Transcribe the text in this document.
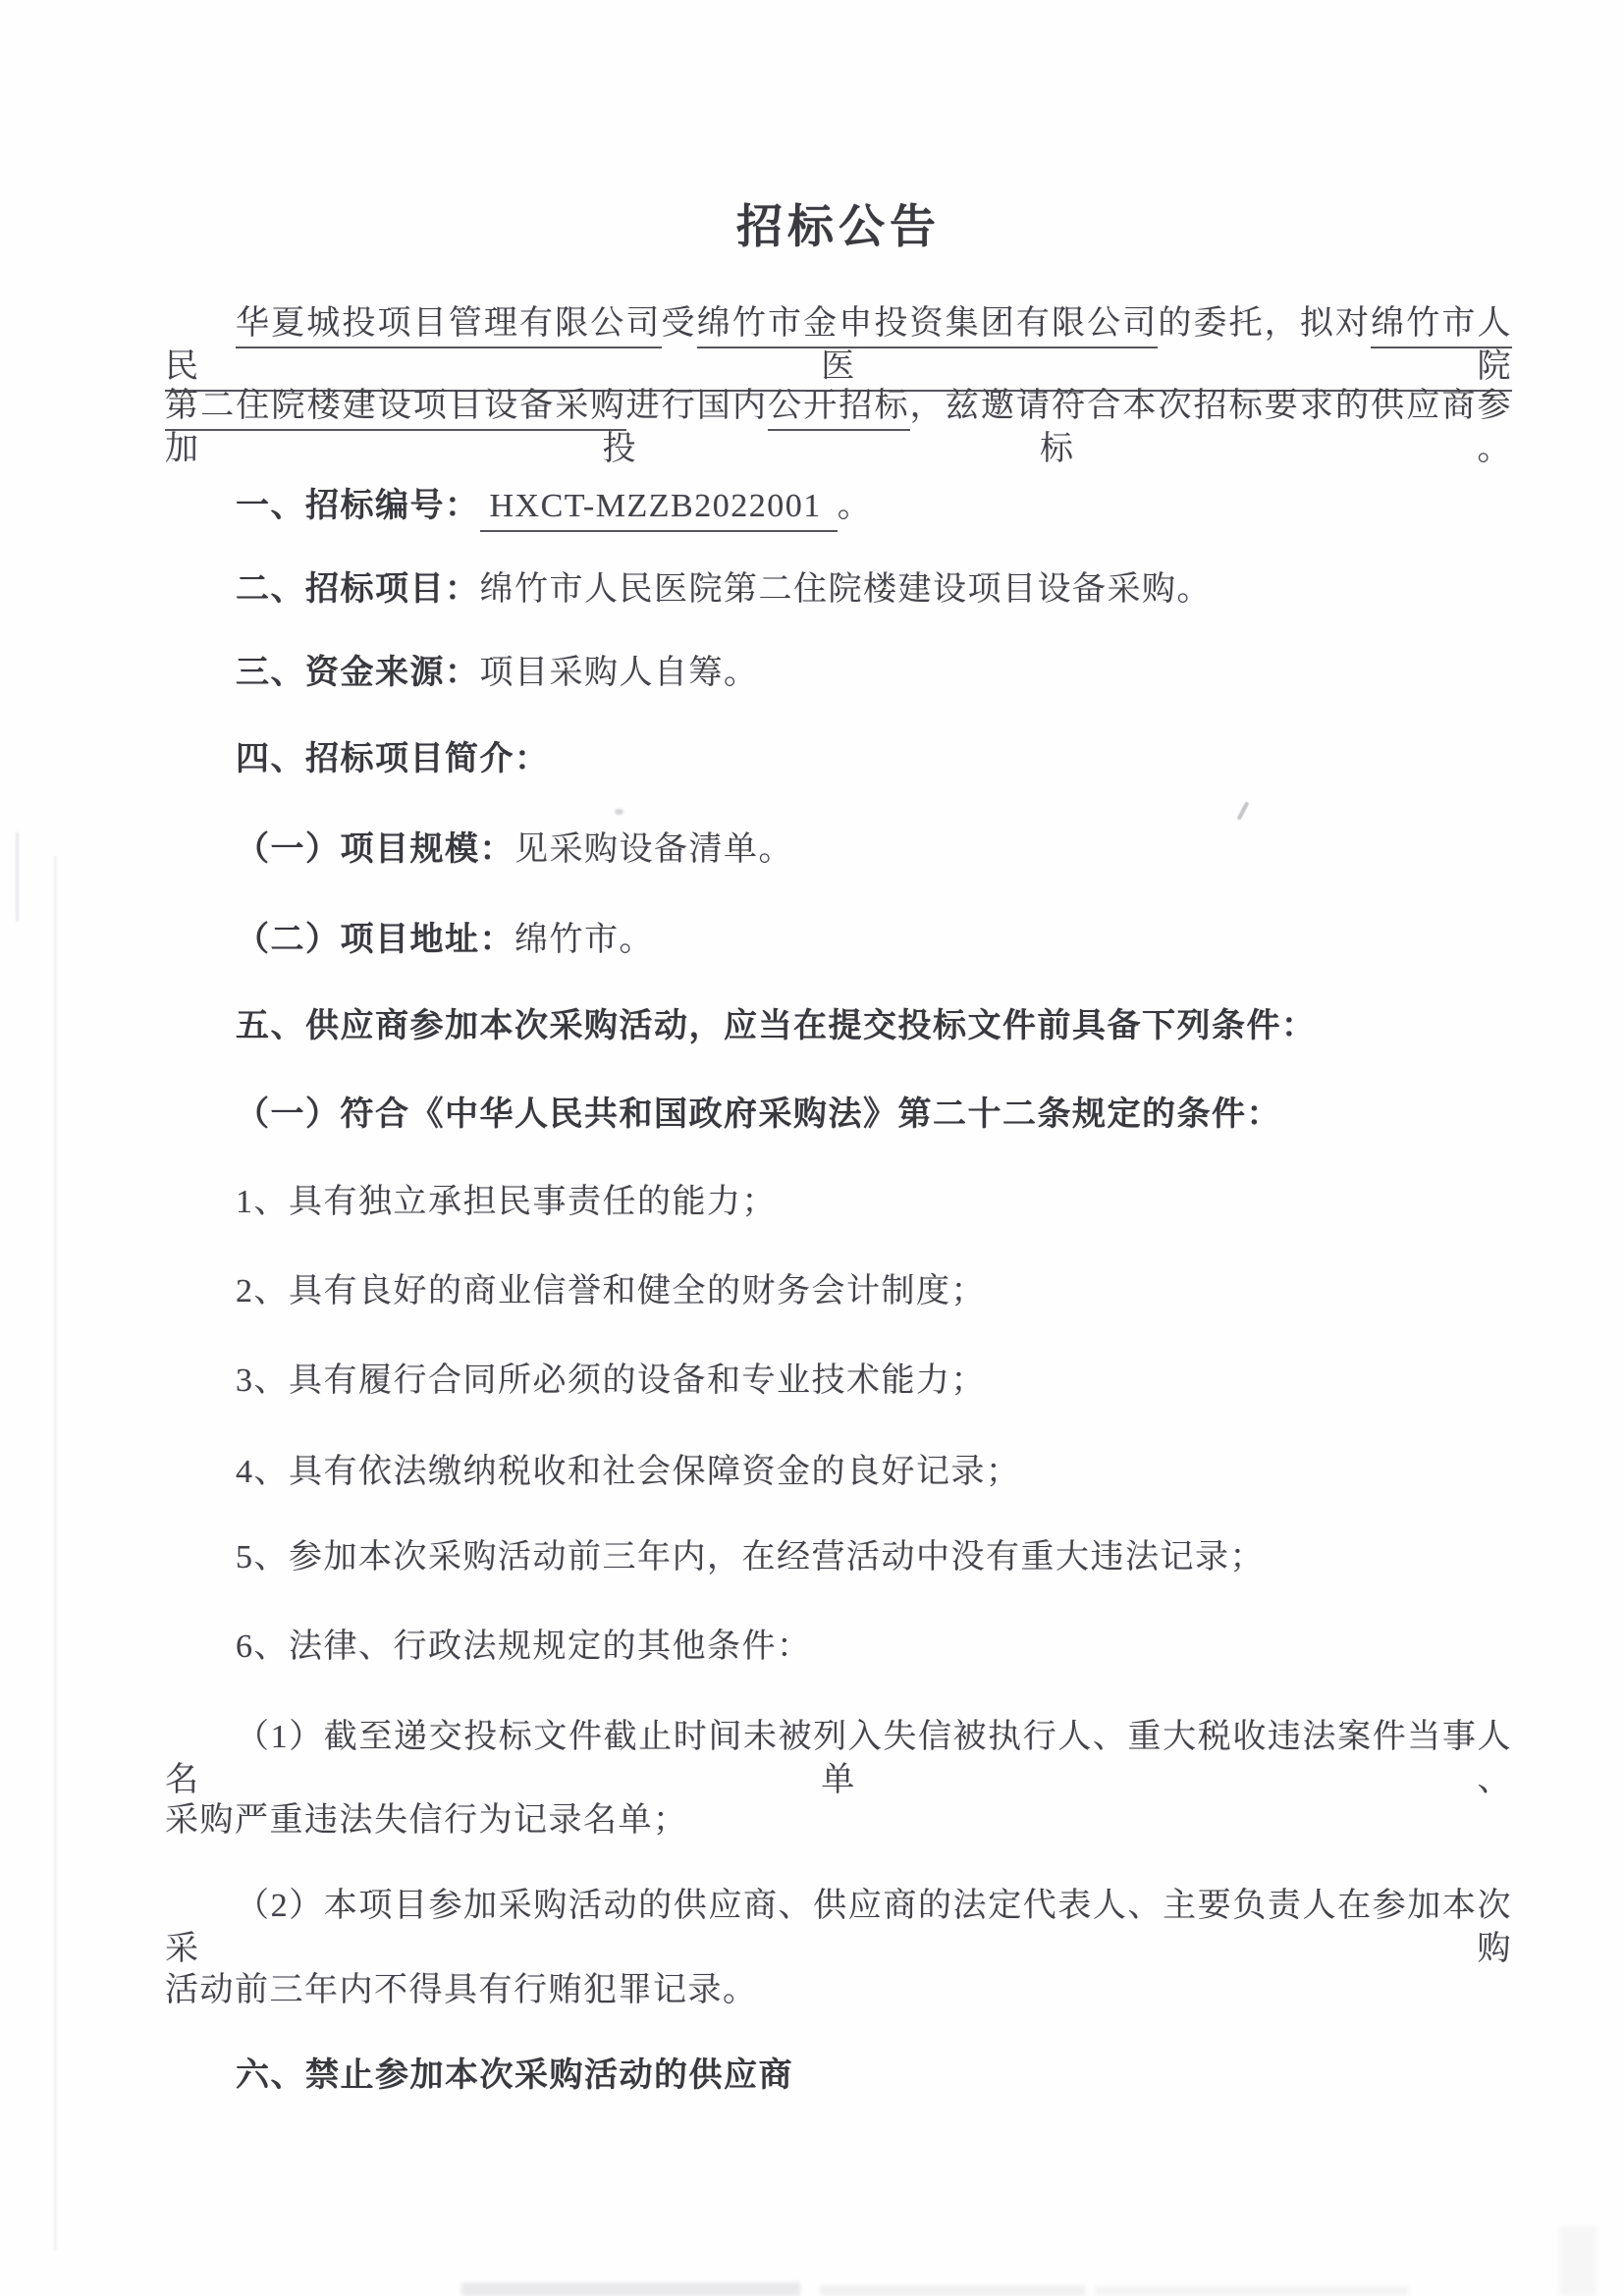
招标公告
华夏城投项目管理有限公司受绵竹市金申投资集团有限公司的委托，拟对绵竹市人民医院
第二住院楼建设项目设备采购进行国内公开招标，兹邀请符合本次招标要求的供应商参加投标。
一、招标编号： HXCT-MZZB2022001 。
二、招标项目：绵竹市人民医院第二住院楼建设项目设备采购。
三、资金来源：项目采购人自筹。
四、招标项目简介：
（一）项目规模：见采购设备清单。
（二）项目地址：绵竹市。
五、供应商参加本次采购活动，应当在提交投标文件前具备下列条件：
（一）符合《中华人民共和国政府采购法》第二十二条规定的条件：
1、具有独立承担民事责任的能力；
2、具有良好的商业信誉和健全的财务会计制度；
3、具有履行合同所必须的设备和专业技术能力；
4、具有依法缴纳税收和社会保障资金的良好记录；
5、参加本次采购活动前三年内，在经营活动中没有重大违法记录；
6、法律、行政法规规定的其他条件：
（1）截至递交投标文件截止时间未被列入失信被执行人、重大税收违法案件当事人名单、
采购严重违法失信行为记录名单；
（2）本项目参加采购活动的供应商、供应商的法定代表人、主要负责人在参加本次采购
活动前三年内不得具有行贿犯罪记录。
六、禁止参加本次采购活动的供应商
